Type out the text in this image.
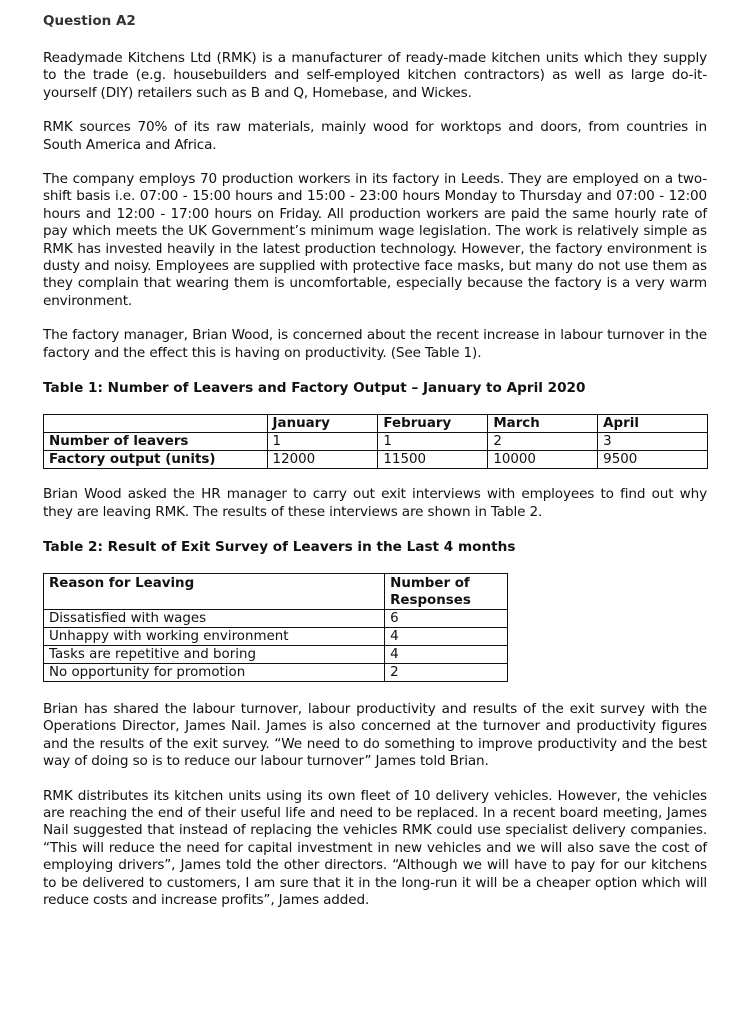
Question A2

Readymade Kitchens Ltd (RMK) is a manufacturer of ready-made kitchen units which they supply to the trade (e.g. housebuilders and self-employed kitchen contractors) as well as large do-it-yourself (DIY) retailers such as B and Q, Homebase, and Wickes.

RMK sources 70% of its raw materials, mainly wood for worktops and doors, from countries in South America and Africa.

The company employs 70 production workers in its factory in Leeds. They are employed on a two-shift basis i.e. 07:00 - 15:00 hours and 15:00 - 23:00 hours Monday to Thursday and 07:00 - 12:00 hours and 12:00 - 17:00 hours on Friday. All production workers are paid the same hourly rate of pay which meets the UK Government’s minimum wage legislation. The work is relatively simple as RMK has invested heavily in the latest production technology. However, the factory environment is dusty and noisy. Employees are supplied with protective face masks, but many do not use them as they complain that wearing them is uncomfortable, especially because the factory is a very warm environment.

The factory manager, Brian Wood, is concerned about the recent increase in labour turnover in the factory and the effect this is having on productivity. (See Table 1).

Table 1: Number of Leavers and Factory Output – January to April 2020
	January	February	March	April
Number of leavers	1	1	2	3
Factory output (units)	12000	11500	10000	9500

Brian Wood asked the HR manager to carry out exit interviews with employees to find out why they are leaving RMK. The results of these interviews are shown in Table 2.

Table 2: Result of Exit Survey of Leavers in the Last 4 months
Reason for Leaving	Number of Responses
Dissatisfied with wages	6
Unhappy with working environment	4
Tasks are repetitive and boring	4
No opportunity for promotion	2

Brian has shared the labour turnover, labour productivity and results of the exit survey with the Operations Director, James Nail. James is also concerned at the turnover and productivity figures and the results of the exit survey. “We need to do something to improve productivity and the best way of doing so is to reduce our labour turnover” James told Brian.

RMK distributes its kitchen units using its own fleet of 10 delivery vehicles. However, the vehicles are reaching the end of their useful life and need to be replaced. In a recent board meeting, James Nail suggested that instead of replacing the vehicles RMK could use specialist delivery companies. “This will reduce the need for capital investment in new vehicles and we will also save the cost of employing drivers”, James told the other directors. “Although we will have to pay for our kitchens to be delivered to customers, I am sure that it in the long-run it will be a cheaper option which will reduce costs and increase profits”, James added.
